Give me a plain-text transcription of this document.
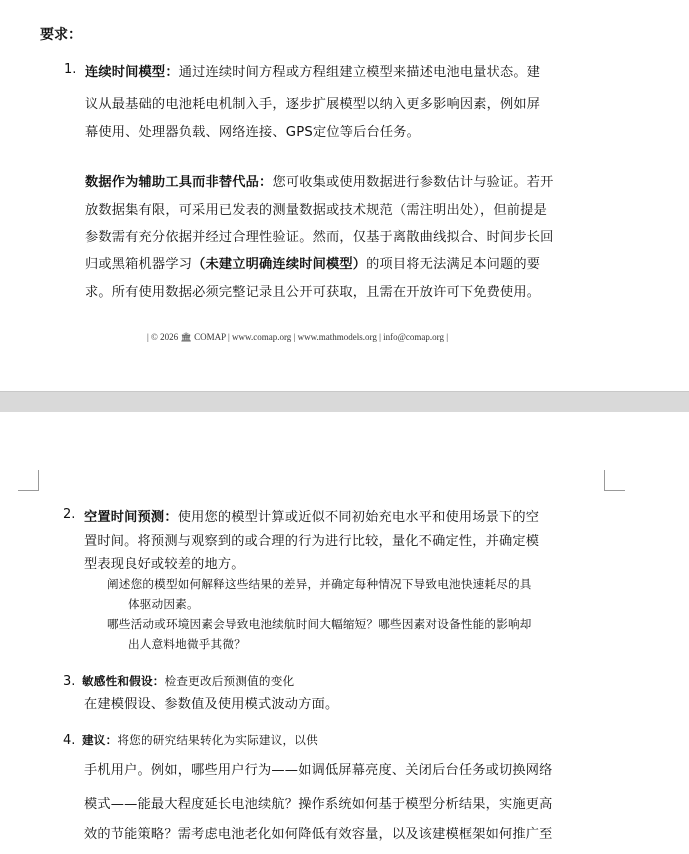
要求：
1. 连续时间模型：通过连续时间方程或方程组建立模型来描述电池电量状态。建
议从最基础的电池耗电机制入手，逐步扩展模型以纳入更多影响因素，例如屏
幕使用、处理器负载、网络连接、GPS定位等后台任务。
数据作为辅助工具而非替代品：您可收集或使用数据进行参数估计与验证。若开
放数据集有限，可采用已发表的测量数据或技术规范（需注明出处），但前提是
参数需有充分依据并经过合理性验证。然而，仅基于离散曲线拟合、时间步长回
归或黑箱机器学习（未建立明确连续时间模型）的项目将无法满足本问题的要
求。所有使用数据必须完整记录且公开可获取，且需在开放许可下免费使用。
| © 2026 🏛 COMAP | www.comap.org | www.mathmodels.org | info@comap.org |
2. 空置时间预测：使用您的模型计算或近似不同初始充电水平和使用场景下的空
置时间。将预测与观察到的或合理的行为进行比较，量化不确定性，并确定模
型表现良好或较差的地方。
阐述您的模型如何解释这些结果的差异，并确定每种情况下导致电池快速耗尽的具
体驱动因素。
哪些活动或环境因素会导致电池续航时间大幅缩短？哪些因素对设备性能的影响却
出人意料地微乎其微？
3. 敏感性和假设：检查更改后预测值的变化
在建模假设、参数值及使用模式波动方面。
4. 建议：将您的研究结果转化为实际建议，以供
手机用户。例如，哪些用户行为——如调低屏幕亮度、关闭后台任务或切换网络
模式——能最大程度延长电池续航？操作系统如何基于模型分析结果，实施更高
效的节能策略？需考虑电池老化如何降低有效容量，以及该建模框架如何推广至
